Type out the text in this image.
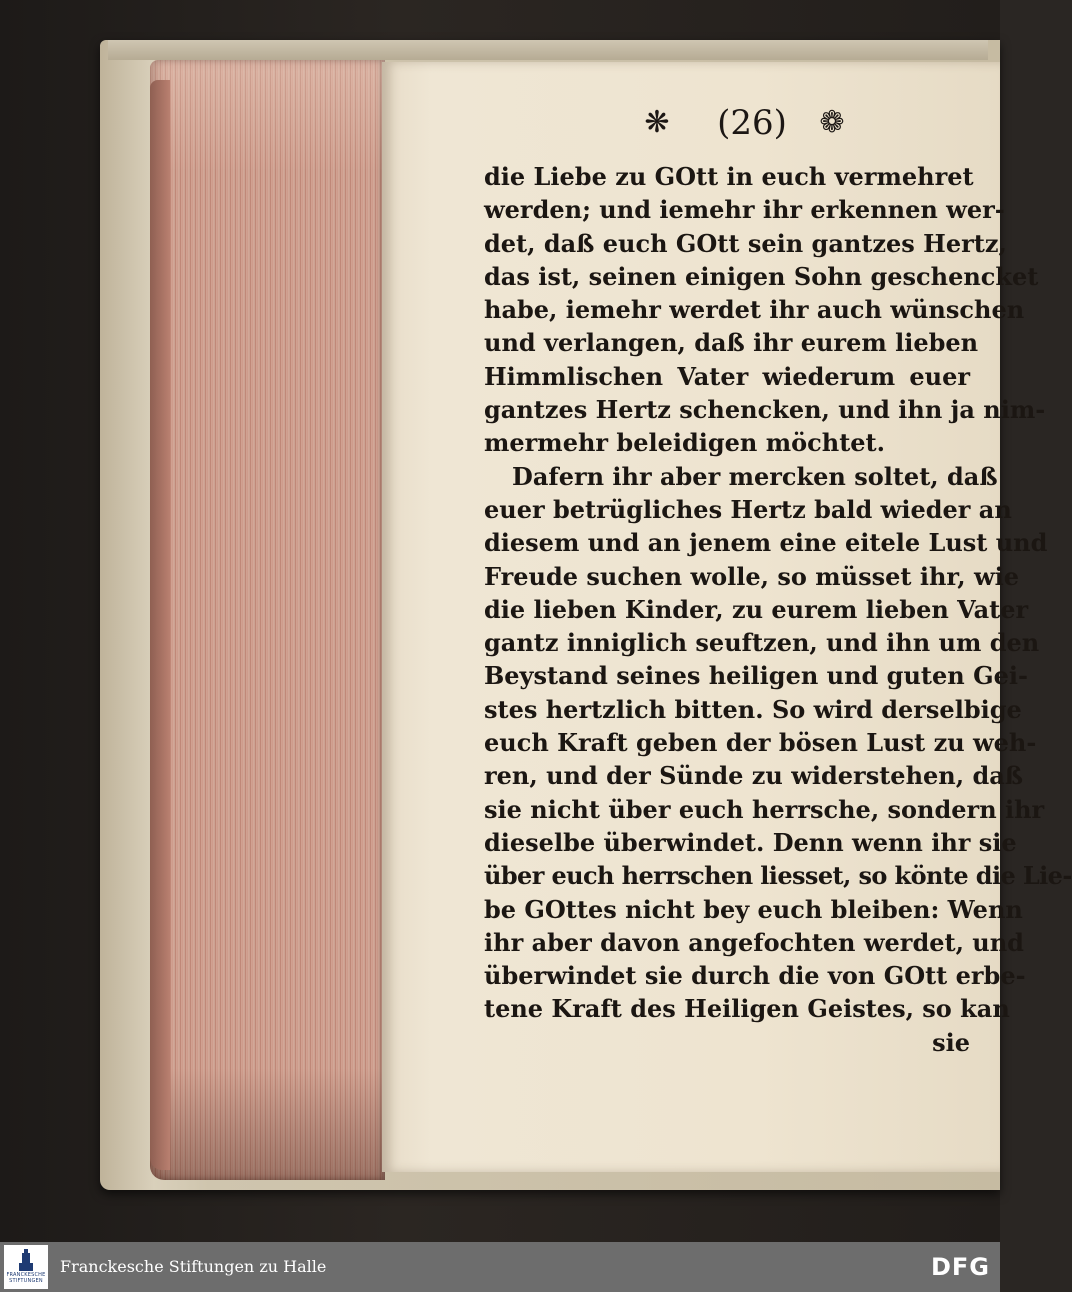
❋	(26)	❁
die Liebe zu GOtt in euch vermehret
werden; und iemehr ihr erkennen wer-
det, daß euch GOtt sein gantzes Hertz,
das ist, seinen einigen Sohn geschencket
habe, iemehr werdet ihr auch wünschen
und verlangen, daß ihr eurem lieben
Himmlischen Vater wiederum euer
gantzes Hertz schencken, und ihn ja nim-
mermehr beleidigen möchtet.
Dafern ihr aber mercken soltet, daß
euer betrügliches Hertz bald wieder an
diesem und an jenem eine eitele Lust und
Freude suchen wolle, so müsset ihr, wie
die lieben Kinder, zu eurem lieben Vater
gantz inniglich seuftzen, und ihn um den
Beystand seines heiligen und guten Gei-
stes hertzlich bitten. So wird derselbige
euch Kraft geben der bösen Lust zu weh-
ren, und der Sünde zu widerstehen, daß
sie nicht über euch herrsche, sondern ihr
dieselbe überwindet. Denn wenn ihr sie
über euch herrschen liesset, so könte die Lie-
be GOttes nicht bey euch bleiben: Wenn
ihr aber davon angefochten werdet, und
überwindet sie durch die von GOtt erbe-
tene Kraft des Heiligen Geistes, so kan
sie
FRANCKESCHE STIFTUNGEN
Franckesche Stiftungen zu Halle	DFG
